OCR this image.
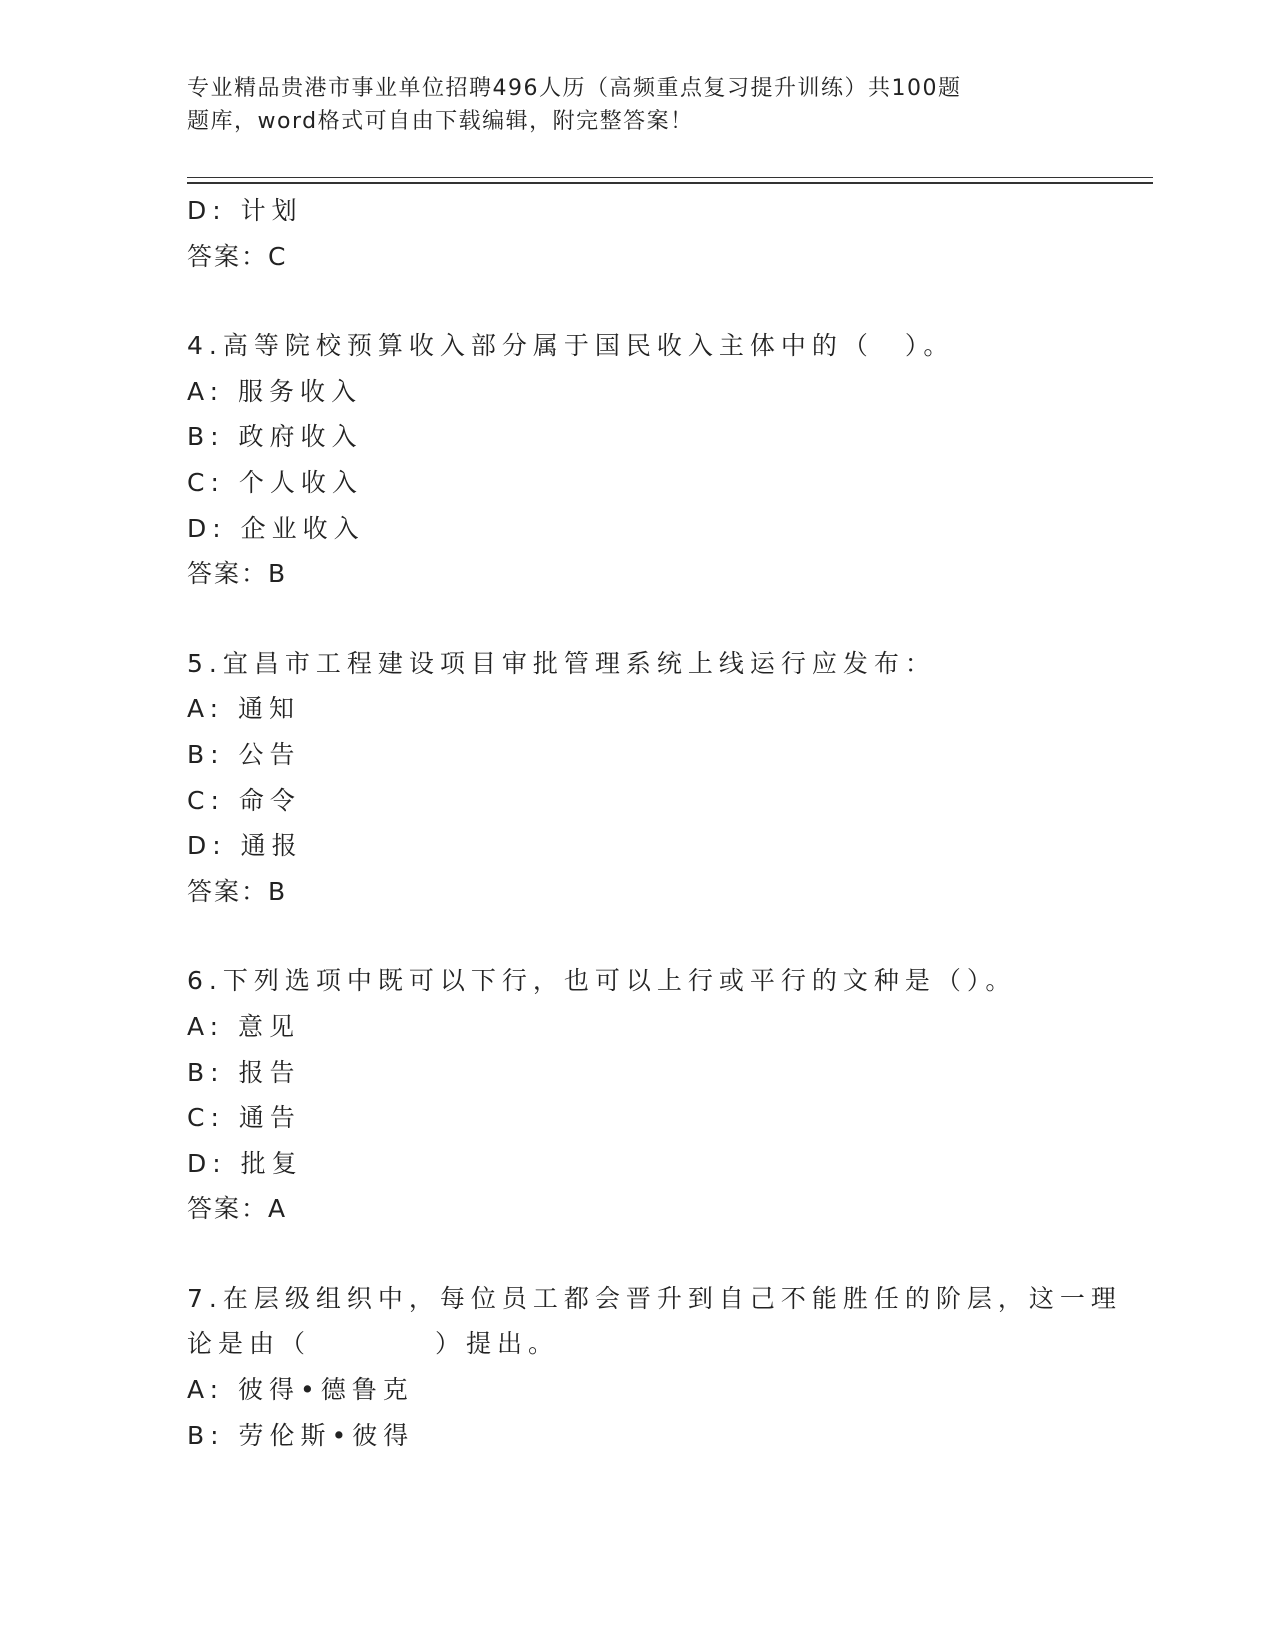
专业精品贵港市事业单位招聘496人历（高频重点复习提升训练）共100题
题库，word格式可自由下载编辑，附完整答案！
D: 计划
答案：C
4.高等院校预算收入部分属于国民收入主体中的（　）。
A: 服务收入
B: 政府收入
C: 个人收入
D: 企业收入
答案：B
5.宜昌市工程建设项目审批管理系统上线运行应发布：
A: 通知
B: 公告
C: 命令
D: 通报
答案：B
6.下列选项中既可以下行，也可以上行或平行的文种是（）。
A: 意见
B: 报告
C: 通告
D: 批复
答案：A
7.在层级组织中，每位员工都会晋升到自己不能胜任的阶层，这一理
论是由（　　　　）提出。
A: 彼得•德鲁克
B: 劳伦斯•彼得
